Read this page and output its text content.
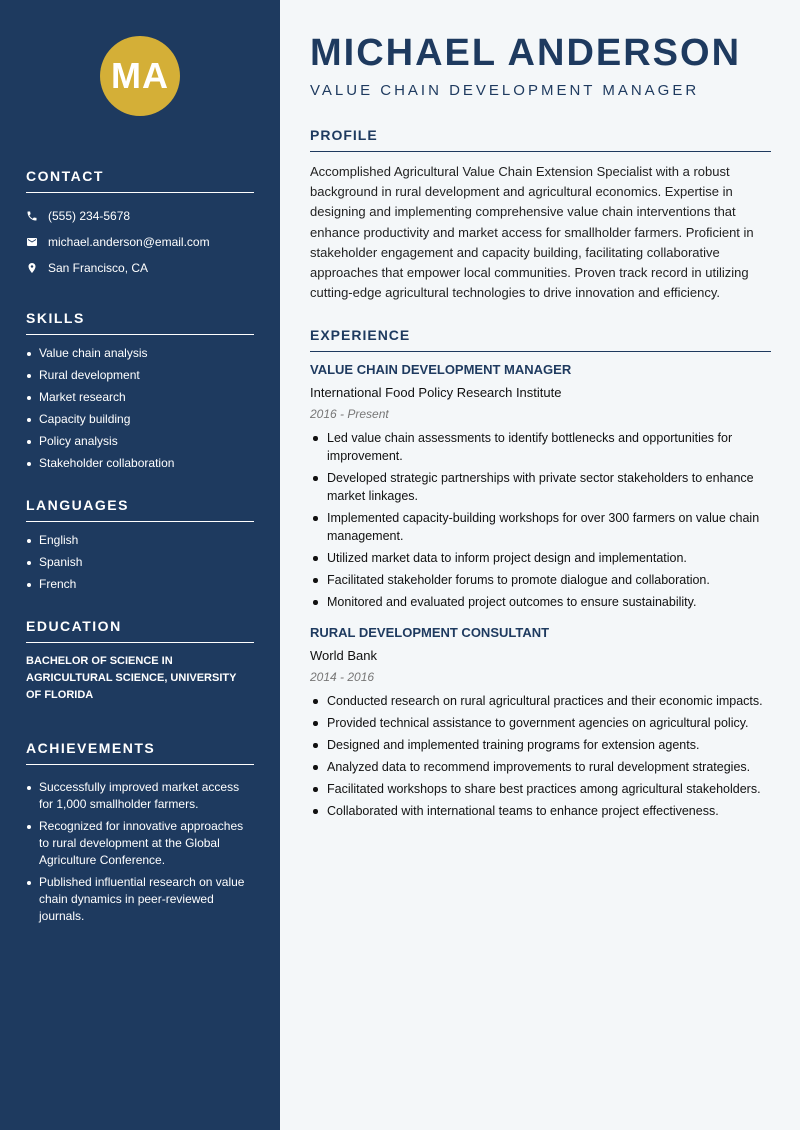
MA
CONTACT
(555) 234-5678
michael.anderson@email.com
San Francisco, CA
SKILLS
Value chain analysis
Rural development
Market research
Capacity building
Policy analysis
Stakeholder collaboration
LANGUAGES
English
Spanish
French
EDUCATION
BACHELOR OF SCIENCE IN AGRICULTURAL SCIENCE, UNIVERSITY OF FLORIDA
ACHIEVEMENTS
Successfully improved market access for 1,000 smallholder farmers.
Recognized for innovative approaches to rural development at the Global Agriculture Conference.
Published influential research on value chain dynamics in peer-reviewed journals.
MICHAEL ANDERSON
VALUE CHAIN DEVELOPMENT MANAGER
PROFILE

Accomplished Agricultural Value Chain Extension Specialist with a robust background in rural development and agricultural economics. Expertise in designing and implementing comprehensive value chain interventions that enhance productivity and market access for smallholder farmers. Proficient in stakeholder engagement and capacity building, facilitating collaborative approaches that empower local communities. Proven track record in utilizing cutting-edge agricultural technologies to drive innovation and efficiency.

EXPERIENCE
VALUE CHAIN DEVELOPMENT MANAGER
International Food Policy Research Institute
2016 - Present
Led value chain assessments to identify bottlenecks and opportunities for improvement.
Developed strategic partnerships with private sector stakeholders to enhance market linkages.
Implemented capacity-building workshops for over 300 farmers on value chain management.
Utilized market data to inform project design and implementation.
Facilitated stakeholder forums to promote dialogue and collaboration.
Monitored and evaluated project outcomes to ensure sustainability.
RURAL DEVELOPMENT CONSULTANT
World Bank
2014 - 2016
Conducted research on rural agricultural practices and their economic impacts.
Provided technical assistance to government agencies on agricultural policy.
Designed and implemented training programs for extension agents.
Analyzed data to recommend improvements to rural development strategies.
Facilitated workshops to share best practices among agricultural stakeholders.
Collaborated with international teams to enhance project effectiveness.
